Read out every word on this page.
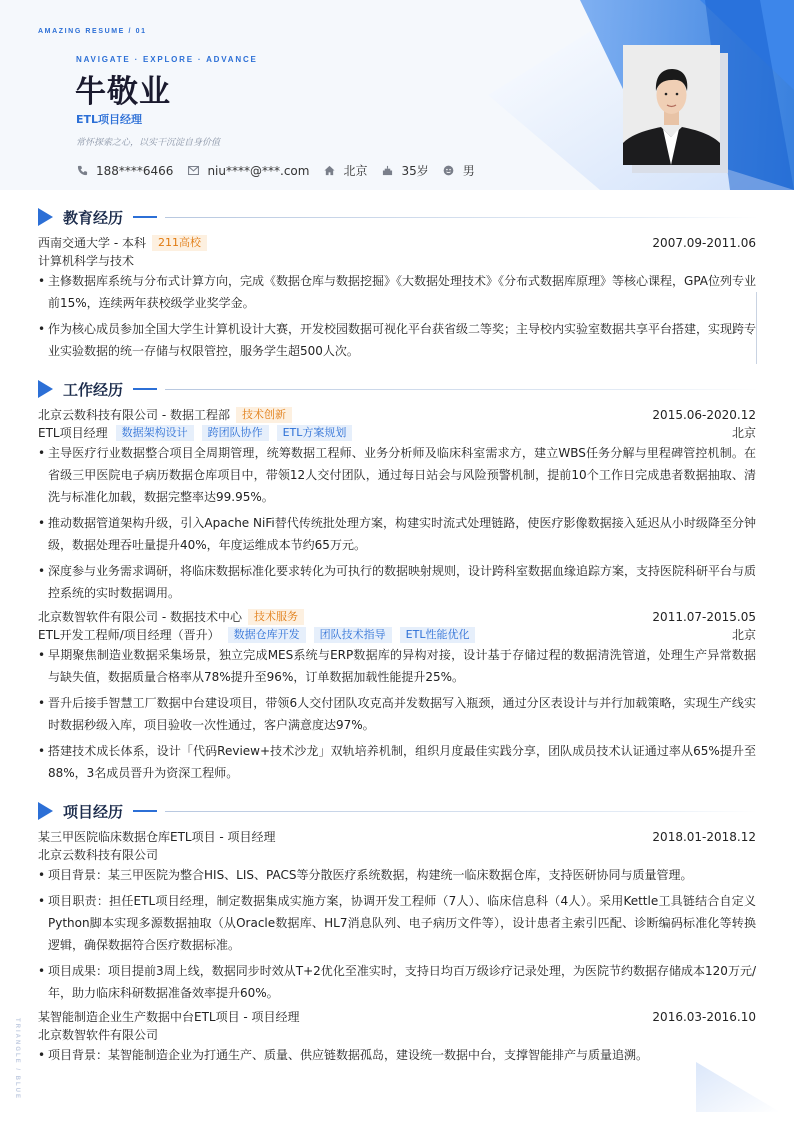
AMAZING RESUME / 01
NAVIGATE · EXPLORE · ADVANCE
牛敬业
ETL项目经理
常怀探索之心，以实干沉淀自身价值
188****6466	niu****@***.com	北京	35岁	男
教育经历
西南交通大学 - 本科	211高校	2007.09-2011.06
计算机科学与技术
• 主修数据库系统与分布式计算方向，完成《数据仓库与数据挖掘》《大数据处理技术》《分布式数据库原理》等核心课程，GPA位列专业前15%，连续两年获校级学业奖学金。
• 作为核心成员参加全国大学生计算机设计大赛，开发校园数据可视化平台获省级二等奖；主导校内实验室数据共享平台搭建，实现跨专业实验数据的统一存储与权限管控，服务学生超500人次。
工作经历
北京云数科技有限公司 - 数据工程部	技术创新	2015.06-2020.12
ETL项目经理	数据架构设计	跨团队协作	ETL方案规划	北京
• 主导医疗行业数据整合项目全周期管理，统筹数据工程师、业务分析师及临床科室需求方，建立WBS任务分解与里程碑管控机制。在省级三甲医院电子病历数据仓库项目中，带领12人交付团队，通过每日站会与风险预警机制，提前10个工作日完成患者数据抽取、清洗与标准化加载，数据完整率达99.95%。
• 推动数据管道架构升级，引入Apache NiFi替代传统批处理方案，构建实时流式处理链路，使医疗影像数据接入延迟从小时级降至分钟级，数据处理吞吐量提升40%，年度运维成本节约65万元。
• 深度参与业务需求调研，将临床数据标准化要求转化为可执行的数据映射规则，设计跨科室数据血缘追踪方案，支持医院科研平台与质控系统的实时数据调用。
北京数智软件有限公司 - 数据技术中心	技术服务	2011.07-2015.05
ETL开发工程师/项目经理（晋升）	数据仓库开发	团队技术指导	ETL性能优化	北京
• 早期聚焦制造业数据采集场景，独立完成MES系统与ERP数据库的异构对接，设计基于存储过程的数据清洗管道，处理生产异常数据与缺失值，数据质量合格率从78%提升至96%，订单数据加载性能提升25%。
• 晋升后接手智慧工厂数据中台建设项目，带领6人交付团队攻克高并发数据写入瓶颈，通过分区表设计与并行加载策略，实现生产线实时数据秒级入库，项目验收一次性通过，客户满意度达97%。
• 搭建技术成长体系，设计「代码Review+技术沙龙」双轨培养机制，组织月度最佳实践分享，团队成员技术认证通过率从65%提升至88%，3名成员晋升为资深工程师。
项目经历
某三甲医院临床数据仓库ETL项目 - 项目经理	2018.01-2018.12
北京云数科技有限公司
• 项目背景：某三甲医院为整合HIS、LIS、PACS等分散医疗系统数据，构建统一临床数据仓库，支持医研协同与质量管理。
• 项目职责：担任ETL项目经理，制定数据集成实施方案，协调开发工程师（7人）、临床信息科（4人）。采用Kettle工具链结合自定义Python脚本实现多源数据抽取（从Oracle数据库、HL7消息队列、电子病历文件等），设计患者主索引匹配、诊断编码标准化等转换逻辑，确保数据符合医疗数据标准。
• 项目成果：项目提前3周上线，数据同步时效从T+2优化至准实时，支持日均百万级诊疗记录处理，为医院节约数据存储成本120万元/年，助力临床科研数据准备效率提升60%。
某智能制造企业生产数据中台ETL项目 - 项目经理	2016.03-2016.10
北京数智软件有限公司
• 项目背景：某智能制造企业为打通生产、质量、供应链数据孤岛，建设统一数据中台，支撑智能排产与质量追溯。
TRIANGLE / BLUE
